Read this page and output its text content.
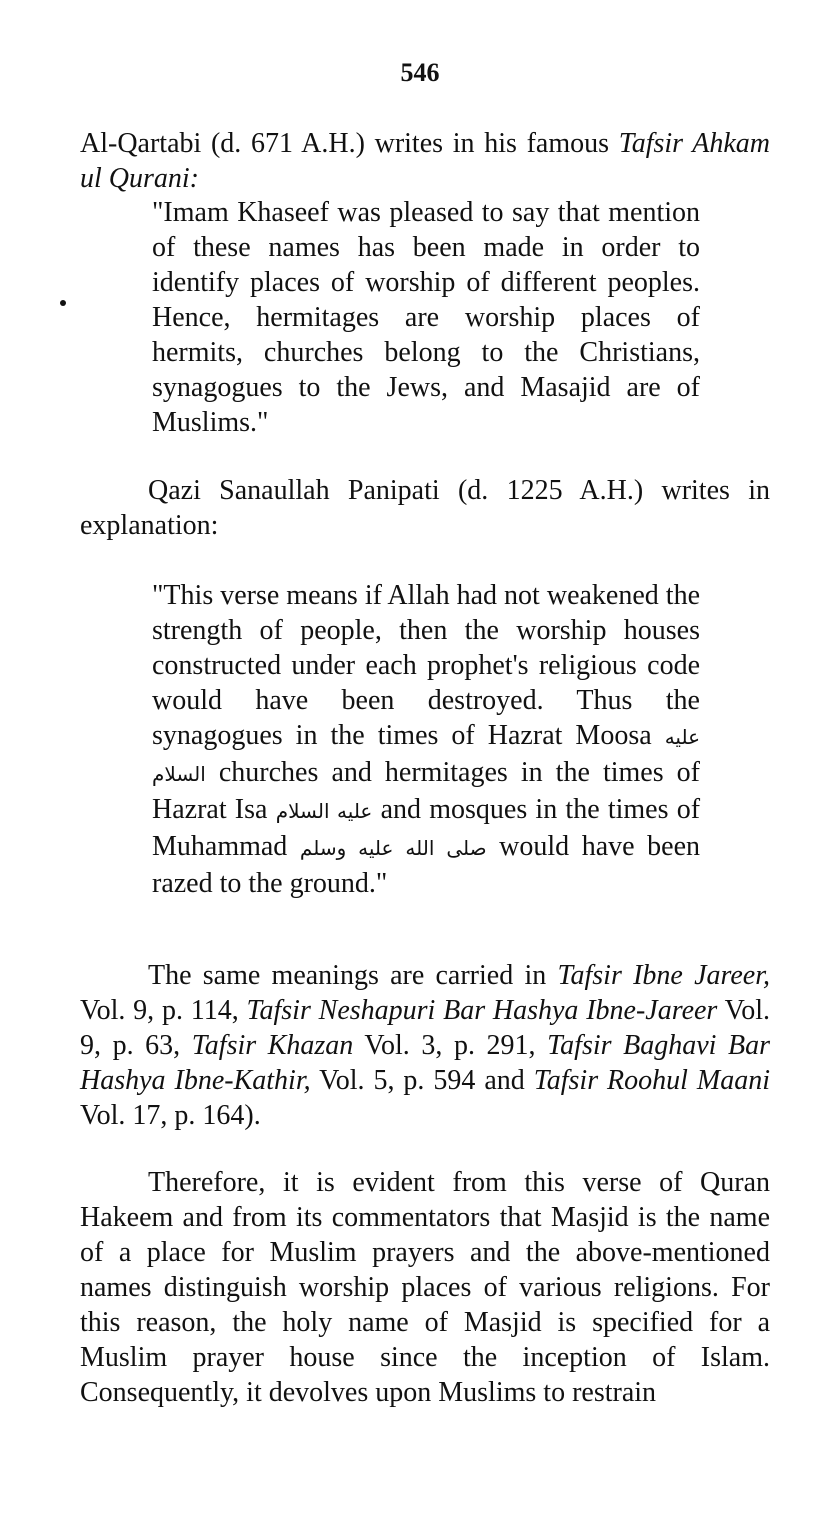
546

Al-Qartabi (d. 671 A.H.) writes in his famous Tafsir Ahkam ul Qurani:

"Imam Khaseef was pleased to say that mention of these names has been made in order to identify places of worship of different peoples. Hence, hermitages are worship places of hermits, churches belong to the Christians, synagogues to the Jews, and Masajid are of Muslims."

Qazi Sanaullah Panipati (d. 1225 A.H.) writes in explanation:

"This verse means if Allah had not weakened the strength of people, then the worship houses constructed under each prophet's religious code would have been destroyed. Thus the synagogues in the times of Hazrat Moosa عليه السلام churches and hermitages in the times of Hazrat Isa عليه السلام and mosques in the times of Muhammad صلى الله عليه وسلم would have been razed to the ground."

The same meanings are carried in Tafsir Ibne Jareer, Vol. 9, p. 114, Tafsir Neshapuri Bar Hashya Ibne-Jareer Vol. 9, p. 63, Tafsir Khazan Vol. 3, p. 291, Tafsir Baghavi Bar Hashya Ibne-Kathir, Vol. 5, p. 594 and Tafsir Roohul Maani Vol. 17, p. 164).

Therefore, it is evident from this verse of Quran Hakeem and from its commentators that Masjid is the name of a place for Muslim prayers and the above-mentioned names distinguish worship places of various religions. For this reason, the holy name of Masjid is specified for a Muslim prayer house since the inception of Islam. Consequently, it devolves upon Muslims to restrain
